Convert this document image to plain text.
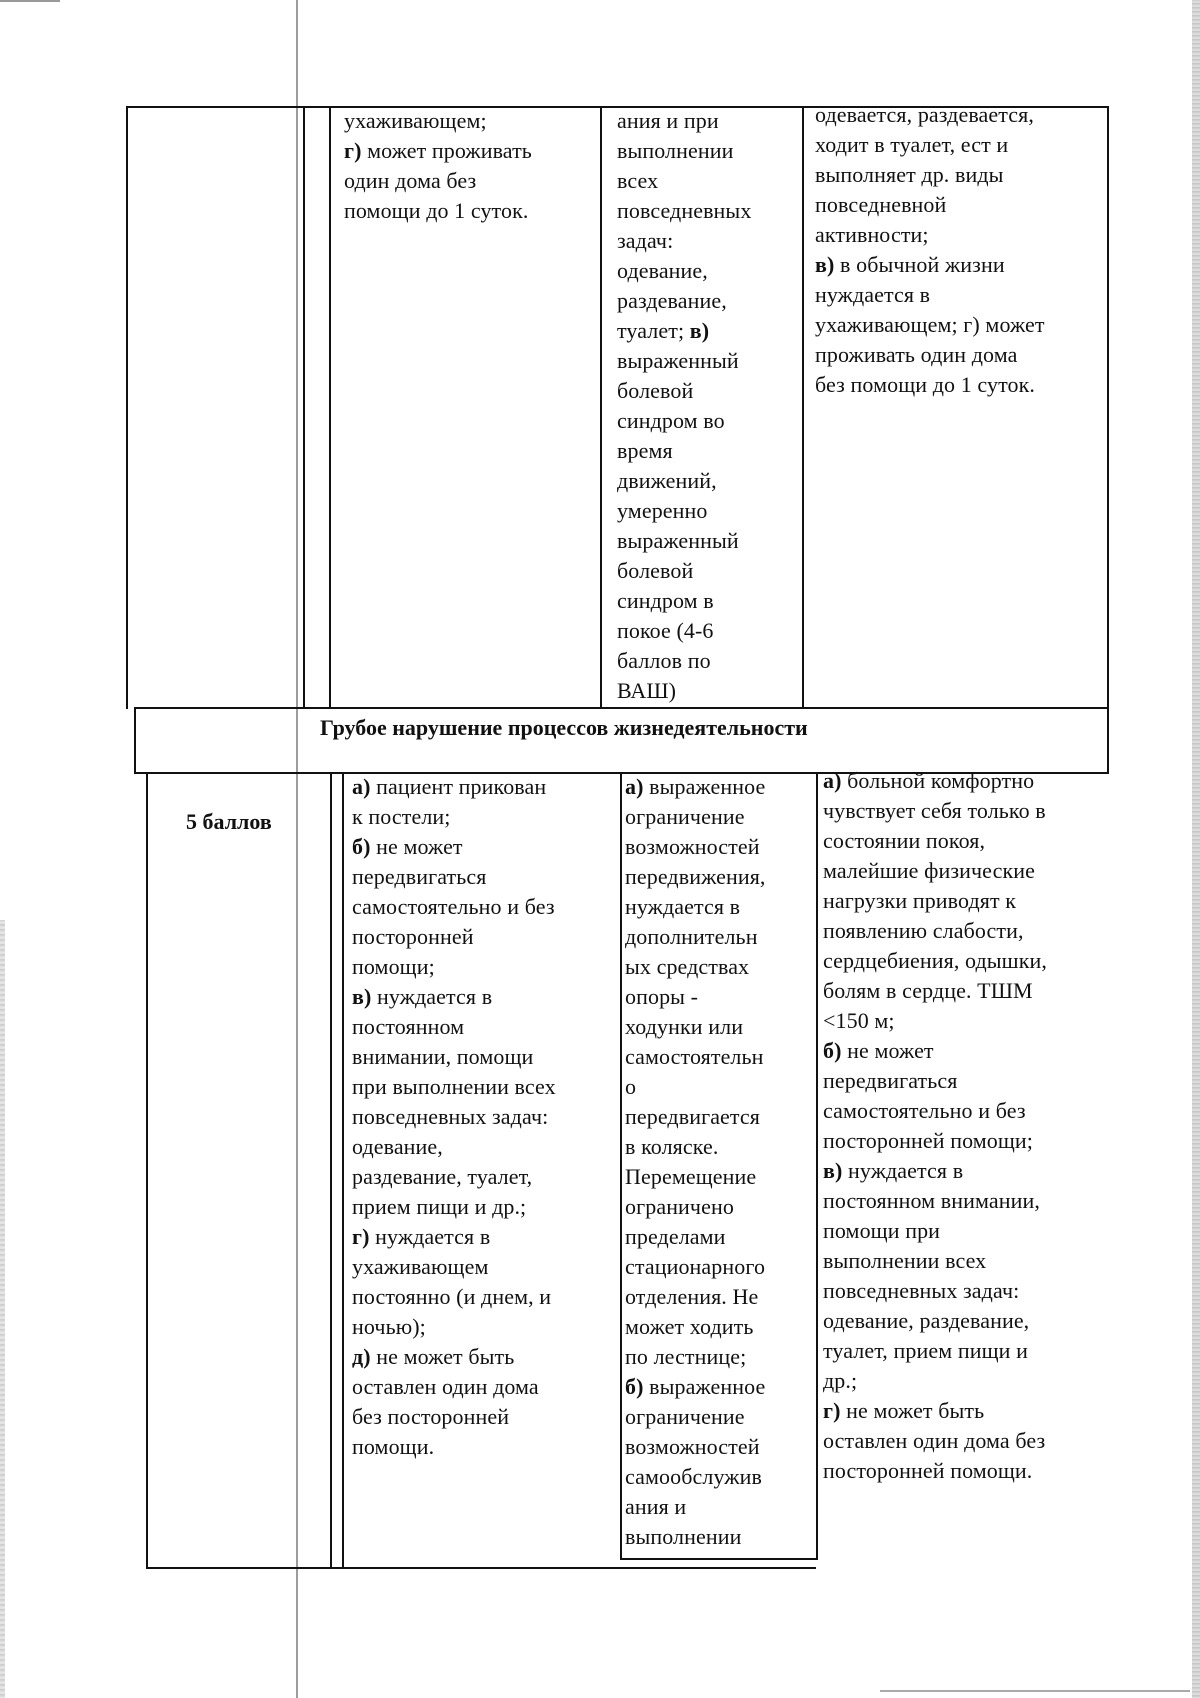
ухаживающем;
г) может проживать
один дома без
помощи до 1 суток.
ания и при
выполнении
всех
повседневных
задач:
одевание,
раздевание,
туалет; в)
выраженный
болевой
синдром во
время
движений,
умеренно
выраженный
болевой
синдром в
покое (4-6
баллов по
ВАШ)
одевается, раздевается,
ходит в туалет, ест и
выполняет др. виды
повседневной
активности;
в) в обычной жизни
нуждается в
ухаживающем; г) может
проживать один дома
без помощи до 1 суток.
Грубое нарушение процессов жизнедеятельности
5 баллов
а) пациент прикован
к постели;
б) не может
передвигаться
самостоятельно и без
посторонней
помощи;
в) нуждается в
постоянном
внимании, помощи
при выполнении всех
повседневных задач:
одевание,
раздевание, туалет,
прием пищи и др.;
г) нуждается в
ухаживающем
постоянно (и днем, и
ночью);
д) не может быть
оставлен один дома
без посторонней
помощи.
а) выраженное
ограничение
возможностей
передвижения,
нуждается в
дополнительн
ых средствах
опоры -
ходунки или
самостоятельн
о
передвигается
в коляске.
Перемещение
ограничено
пределами
стационарного
отделения. Не
может ходить
по лестнице;
б) выраженное
ограничение
возможностей
самообслужив
ания и
выполнении
а) больной комфортно
чувствует себя только в
состоянии покоя,
малейшие физические
нагрузки приводят к
появлению слабости,
сердцебиения, одышки,
болям в сердце. ТШМ
<150 м;
б) не может
передвигаться
самостоятельно и без
посторонней помощи;
в) нуждается в
постоянном внимании,
помощи при
выполнении всех
повседневных задач:
одевание, раздевание,
туалет, прием пищи и
др.;
г) не может быть
оставлен один дома без
посторонней помощи.
